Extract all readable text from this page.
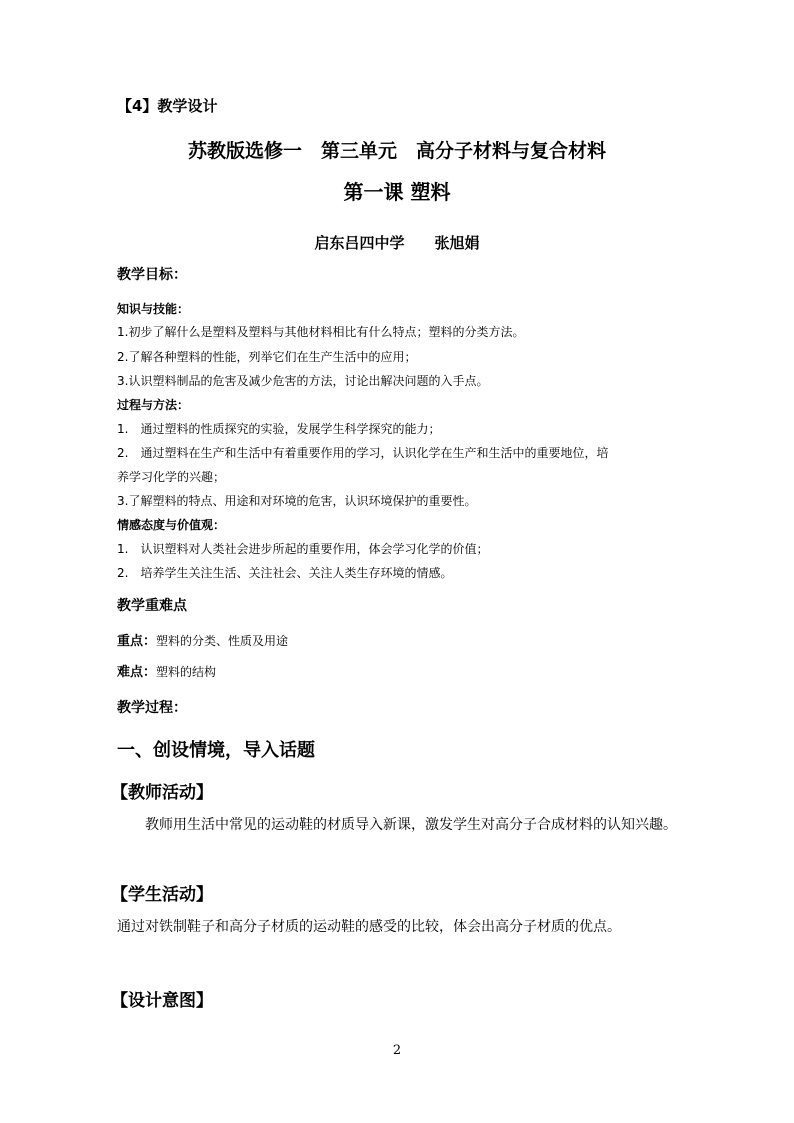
【4】教学设计
苏教版选修一　第三单元　高分子材料与复合材料
第一课 塑料
启东吕四中学　　张旭娟
教学目标：
知识与技能：
1.初步了解什么是塑料及塑料与其他材料相比有什么特点；塑料的分类方法。
2.了解各种塑料的性能，列举它们在生产生活中的应用；
3.认识塑料制品的危害及减少危害的方法，讨论出解决问题的入手点。
过程与方法：
1.　通过塑料的性质探究的实验，发展学生科学探究的能力；
2.　通过塑料在生产和生活中有着重要作用的学习，认识化学在生产和生活中的重要地位，培
养学习化学的兴趣；
3.了解塑料的特点、用途和对环境的危害，认识环境保护的重要性。
情感态度与价值观：
1.　认识塑料对人类社会进步所起的重要作用，体会学习化学的价值；
2.　培养学生关注生活、关注社会、关注人类生存环境的情感。
教学重难点
重点：塑料的分类、性质及用途
难点：塑料的结构
教学过程：
一、创设情境，导入话题
【教师活动】
教师用生活中常见的运动鞋的材质导入新课，激发学生对高分子合成材料的认知兴趣。
【学生活动】
通过对铁制鞋子和高分子材质的运动鞋的感受的比较，体会出高分子材质的优点。
【设计意图】
2
